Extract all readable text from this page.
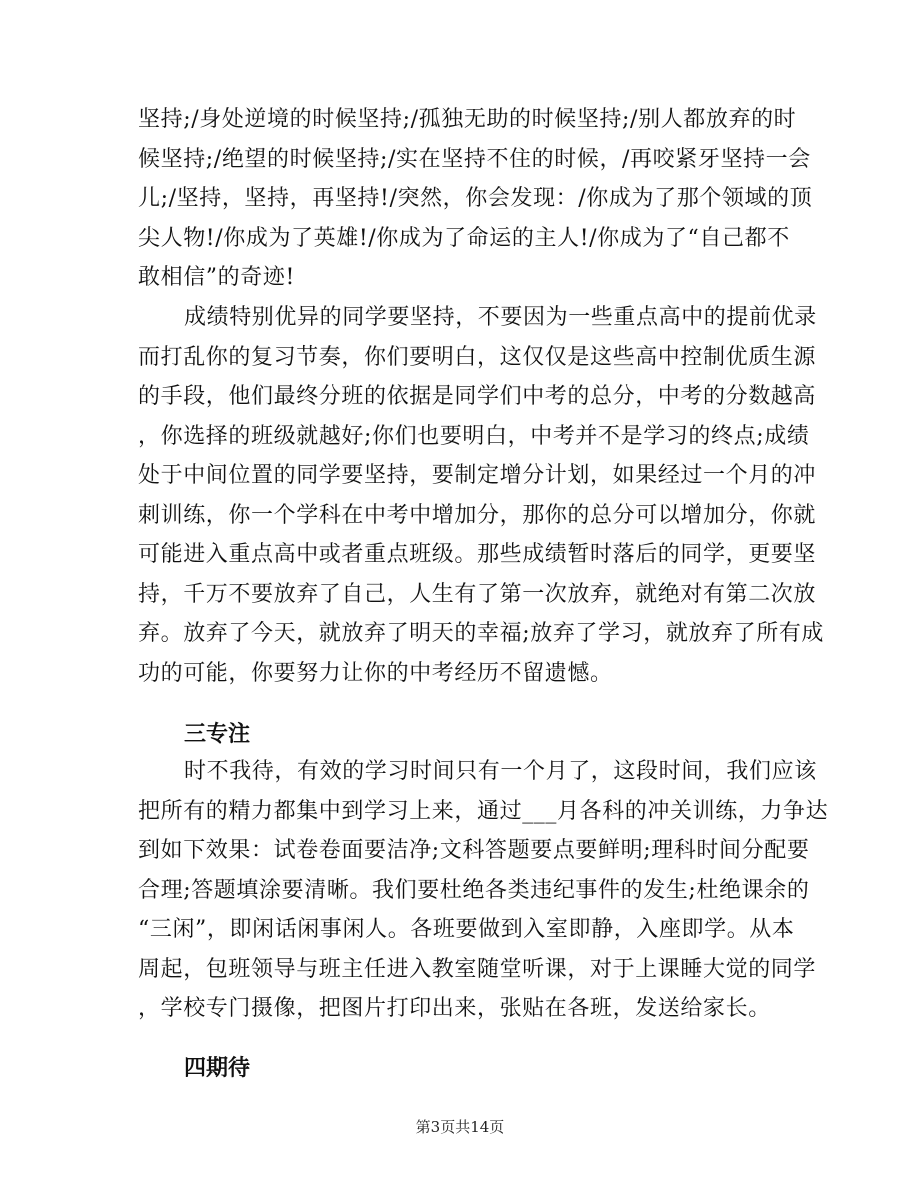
坚持;/身处逆境的时候坚持;/孤独无助的时候坚持;/别人都放弃的时
候坚持;/绝望的时候坚持;/实在坚持不住的时候，/再咬紧牙坚持一会
儿;/坚持，坚持，再坚持!/突然，你会发现：/你成为了那个领域的顶
尖人物!/你成为了英雄!/你成为了命运的主人!/你成为了“自己都不
敢相信”的奇迹!
成绩特别优异的同学要坚持，不要因为一些重点高中的提前优录
而打乱你的复习节奏，你们要明白，这仅仅是这些高中控制优质生源
的手段，他们最终分班的依据是同学们中考的总分，中考的分数越高
，你选择的班级就越好;你们也要明白，中考并不是学习的终点;成绩
处于中间位置的同学要坚持，要制定增分计划，如果经过一个月的冲
刺训练，你一个学科在中考中增加分，那你的总分可以增加分，你就
可能进入重点高中或者重点班级。那些成绩暂时落后的同学，更要坚
持，千万不要放弃了自己，人生有了第一次放弃，就绝对有第二次放
弃。放弃了今天，就放弃了明天的幸福;放弃了学习，就放弃了所有成
功的可能，你要努力让你的中考经历不留遗憾。
三专注
时不我待，有效的学习时间只有一个月了，这段时间，我们应该
把所有的精力都集中到学习上来，通过___月各科的冲关训练，力争达
到如下效果：试卷卷面要洁净;文科答题要点要鲜明;理科时间分配要
合理;答题填涂要清晰。我们要杜绝各类违纪事件的发生;杜绝课余的
“三闲”，即闲话闲事闲人。各班要做到入室即静，入座即学。从本
周起，包班领导与班主任进入教室随堂听课，对于上课睡大觉的同学
，学校专门摄像，把图片打印出来，张贴在各班，发送给家长。
四期待
第3页共14页
